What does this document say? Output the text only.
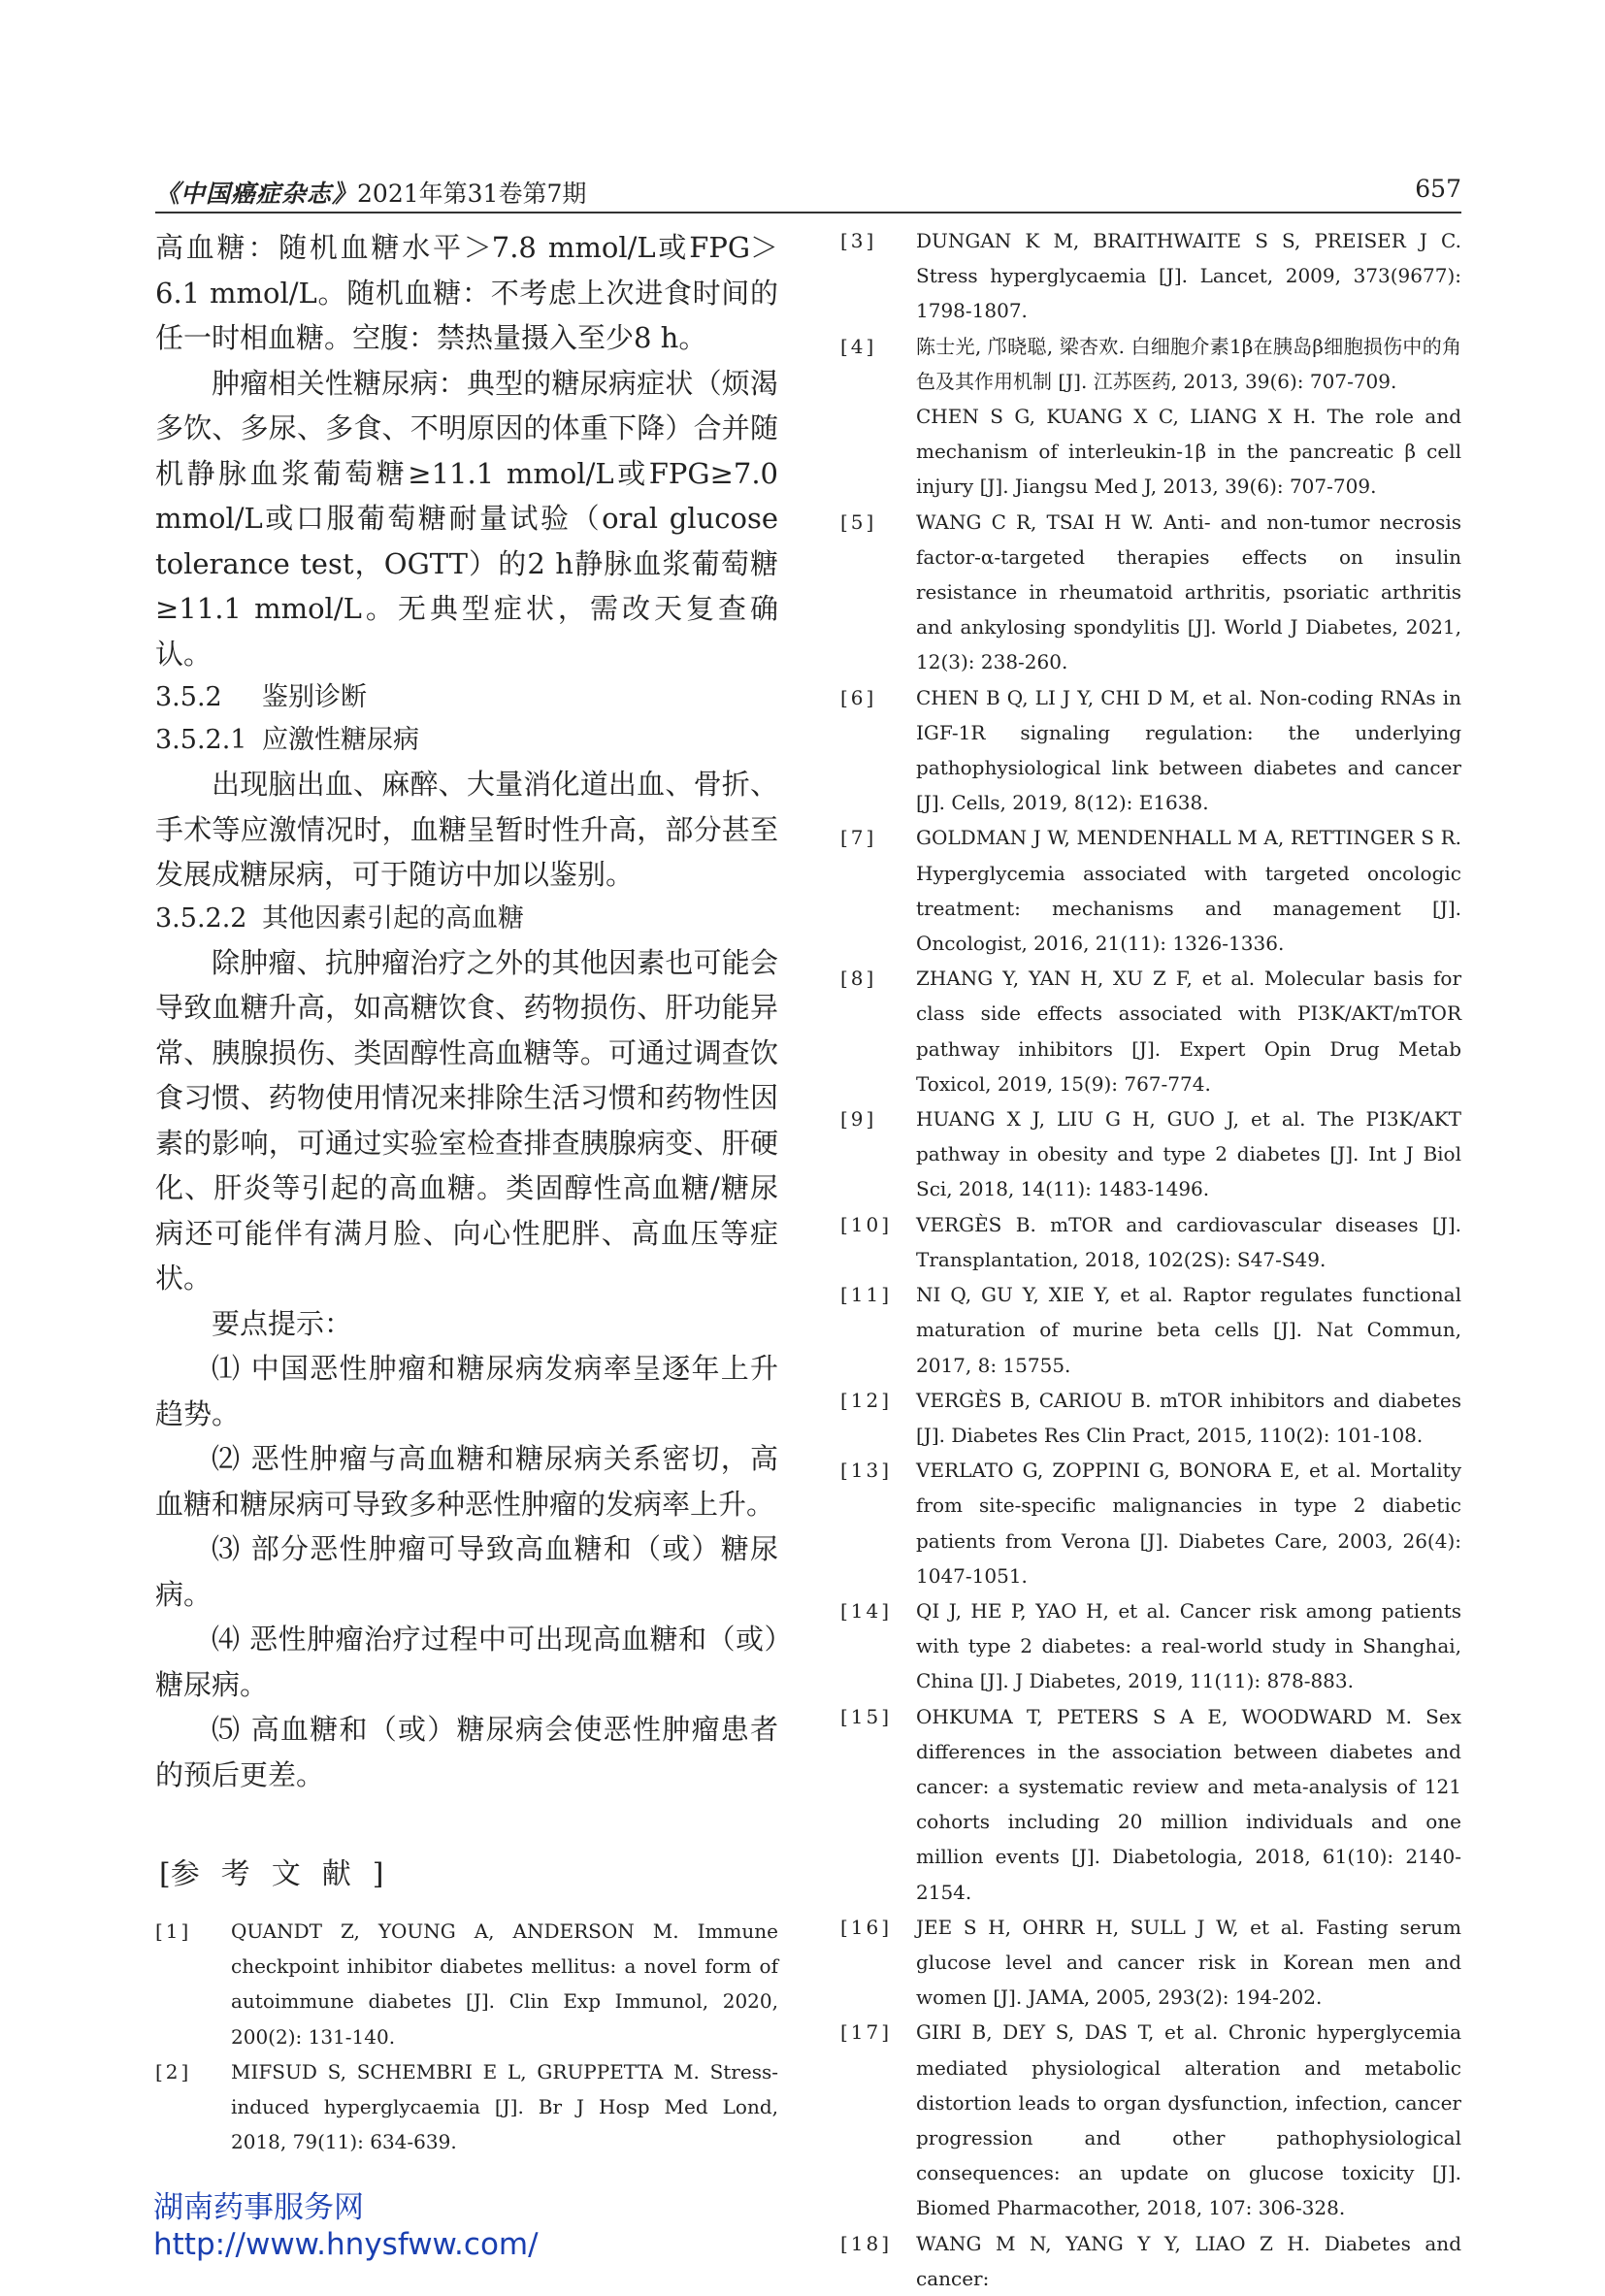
《中国癌症杂志》2021年第31卷第7期	657

高血糖：随机血糖水平＞7.8 mmol/L或FPG＞6.1 mmol/L。随机血糖：不考虑上次进食时间的任一时相血糖。空腹：禁热量摄入至少8 h。

肿瘤相关性糖尿病：典型的糖尿病症状（烦渴多饮、多尿、多食、不明原因的体重下降）合并随机静脉血浆葡萄糖≥11.1 mmol/L或FPG≥7.0 mmol/L或口服葡萄糖耐量试验（oral glucose tolerance test，OGTT）的2 h静脉血浆葡萄糖≥11.1 mmol/L。无典型症状，需改天复查确认。

3.5.2 鉴别诊断

3.5.2.1 应激性糖尿病

出现脑出血、麻醉、大量消化道出血、骨折、手术等应激情况时，血糖呈暂时性升高，部分甚至发展成糖尿病，可于随访中加以鉴别。

3.5.2.2 其他因素引起的高血糖

除肿瘤、抗肿瘤治疗之外的其他因素也可能会导致血糖升高，如高糖饮食、药物损伤、肝功能异常、胰腺损伤、类固醇性高血糖等。可通过调查饮食习惯、药物使用情况来排除生活习惯和药物性因素的影响，可通过实验室检查排查胰腺病变、肝硬化、肝炎等引起的高血糖。类固醇性高血糖/糖尿病还可能伴有满月脸、向心性肥胖、高血压等症状。

要点提示：

⑴ 中国恶性肿瘤和糖尿病发病率呈逐年上升趋势。

⑵ 恶性肿瘤与高血糖和糖尿病关系密切，高血糖和糖尿病可导致多种恶性肿瘤的发病率上升。

⑶ 部分恶性肿瘤可导致高血糖和（或）糖尿病。

⑷ 恶性肿瘤治疗过程中可出现高血糖和（或）糖尿病。

⑸ 高血糖和（或）糖尿病会使恶性肿瘤患者的预后更差。

[参考文献]

[1]	QUANDT Z, YOUNG A, ANDERSON M. Immune checkpoint inhibitor diabetes mellitus: a novel form of autoimmune diabetes [J]. Clin Exp Immunol, 2020, 200(2): 131-140.

[2]	MIFSUD S, SCHEMBRI E L, GRUPPETTA M. Stress-induced hyperglycaemia [J]. Br J Hosp Med Lond, 2018, 79(11): 634-639.

[3]	DUNGAN K M, BRAITHWAITE S S, PREISER J C. Stress hyperglycaemia [J]. Lancet, 2009, 373(9677): 1798-1807.

[4]	陈士光, 邝晓聪, 梁杏欢. 白细胞介素1β在胰岛β细胞损伤中的角色及其作用机制 [J]. 江苏医药, 2013, 39(6): 707-709.
CHEN S G, KUANG X C, LIANG X H. The role and mechanism of interleukin-1β in the pancreatic β cell injury [J]. Jiangsu Med J, 2013, 39(6): 707-709.

[5]	WANG C R, TSAI H W. Anti- and non-tumor necrosis factor-α-targeted therapies effects on insulin resistance in rheumatoid arthritis, psoriatic arthritis and ankylosing spondylitis [J]. World J Diabetes, 2021, 12(3): 238-260.

[6]	CHEN B Q, LI J Y, CHI D M, et al. Non-coding RNAs in IGF-1R signaling regulation: the underlying pathophysiological link between diabetes and cancer [J]. Cells, 2019, 8(12): E1638.

[7]	GOLDMAN J W, MENDENHALL M A, RETTINGER S R. Hyperglycemia associated with targeted oncologic treatment: mechanisms and management [J]. Oncologist, 2016, 21(11): 1326-1336.

[8]	ZHANG Y, YAN H, XU Z F, et al. Molecular basis for class side effects associated with PI3K/AKT/mTOR pathway inhibitors [J]. Expert Opin Drug Metab Toxicol, 2019, 15(9): 767-774.

[9]	HUANG X J, LIU G H, GUO J, et al. The PI3K/AKT pathway in obesity and type 2 diabetes [J]. Int J Biol Sci, 2018, 14(11): 1483-1496.

[10]	VERGÈS B. mTOR and cardiovascular diseases [J]. Transplantation, 2018, 102(2S): S47-S49.

[11]	NI Q, GU Y, XIE Y, et al. Raptor regulates functional maturation of murine beta cells [J]. Nat Commun, 2017, 8: 15755.

[12]	VERGÈS B, CARIOU B. mTOR inhibitors and diabetes [J]. Diabetes Res Clin Pract, 2015, 110(2): 101-108.

[13]	VERLATO G, ZOPPINI G, BONORA E, et al. Mortality from site-specific malignancies in type 2 diabetic patients from Verona [J]. Diabetes Care, 2003, 26(4): 1047-1051.

[14]	QI J, HE P, YAO H, et al. Cancer risk among patients with type 2 diabetes: a real-world study in Shanghai, China [J]. J Diabetes, 2019, 11(11): 878-883.

[15]	OHKUMA T, PETERS S A E, WOODWARD M. Sex differences in the association between diabetes and cancer: a systematic review and meta-analysis of 121 cohorts including 20 million individuals and one million events [J]. Diabetologia, 2018, 61(10): 2140-2154.

[16]	JEE S H, OHRR H, SULL J W, et al. Fasting serum glucose level and cancer risk in Korean men and women [J]. JAMA, 2005, 293(2): 194-202.

[17]	GIRI B, DEY S, DAS T, et al. Chronic hyperglycemia mediated physiological alteration and metabolic distortion leads to organ dysfunction, infection, cancer progression and other pathophysiological consequences: an update on glucose toxicity [J]. Biomed Pharmacother, 2018, 107: 306-328.

[18]	WANG M N, YANG Y Y, LIAO Z H. Diabetes and cancer:

湖南药事服务网
http://www.hnysfww.com/
